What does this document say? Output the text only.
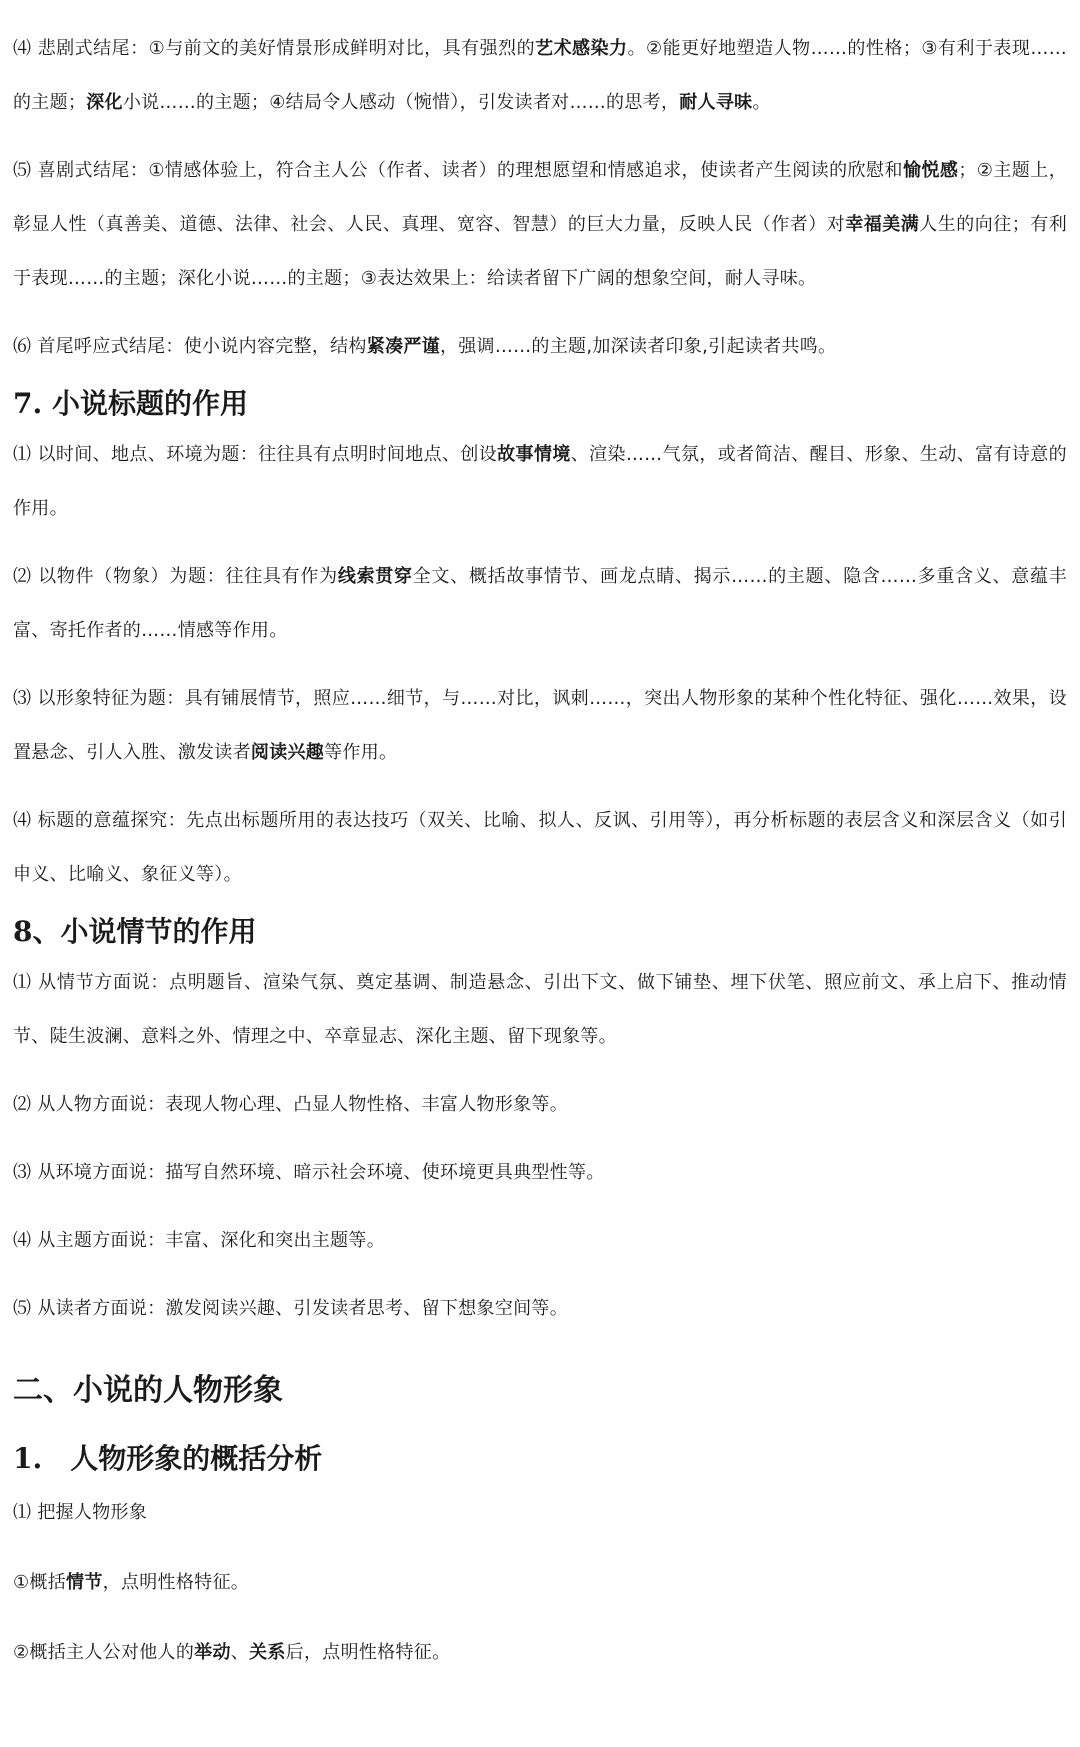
⑷ 悲剧式结尾：①与前文的美好情景形成鲜明对比，具有强烈的艺术感染力。②能更好地塑造人物……的性格；③有利于表现……的主题；深化小说……的主题；④结局令人感动（惋惜），引发读者对……的思考，耐人寻味。

⑸ 喜剧式结尾：①情感体验上，符合主人公（作者、读者）的理想愿望和情感追求，使读者产生阅读的欣慰和愉悦感；②主题上，彰显人性（真善美、道德、法律、社会、人民、真理、宽容、智慧）的巨大力量，反映人民（作者）对幸福美满人生的向往；有利于表现……的主题；深化小说……的主题；③表达效果上：给读者留下广阔的想象空间，耐人寻味。

⑹ 首尾呼应式结尾：使小说内容完整，结构紧凑严谨，强调……的主题,加深读者印象,引起读者共鸣。

7. 小说标题的作用

⑴ 以时间、地点、环境为题：往往具有点明时间地点、创设故事情境、渲染……气氛，或者简洁、醒目、形象、生动、富有诗意的作用。

⑵ 以物件（物象）为题：往往具有作为线索贯穿全文、概括故事情节、画龙点睛、揭示……的主题、隐含……多重含义、意蕴丰富、寄托作者的……情感等作用。

⑶ 以形象特征为题：具有铺展情节，照应……细节，与……对比，讽刺……，突出人物形象的某种个性化特征、强化……效果，设置悬念、引人入胜、激发读者阅读兴趣等作用。

⑷ 标题的意蕴探究：先点出标题所用的表达技巧（双关、比喻、拟人、反讽、引用等），再分析标题的表层含义和深层含义（如引申义、比喻义、象征义等）。

8、小说情节的作用

⑴ 从情节方面说：点明题旨、渲染气氛、奠定基调、制造悬念、引出下文、做下铺垫、埋下伏笔、照应前文、承上启下、推动情节、陡生波澜、意料之外、情理之中、卒章显志、深化主题、留下现象等。

⑵ 从人物方面说：表现人物心理、凸显人物性格、丰富人物形象等。

⑶ 从环境方面说：描写自然环境、暗示社会环境、使环境更具典型性等。

⑷ 从主题方面说：丰富、深化和突出主题等。

⑸ 从读者方面说：激发阅读兴趣、引发读者思考、留下想象空间等。

二、小说的人物形象
1.　人物形象的概括分析

⑴ 把握人物形象

①概括情节，点明性格特征。

②概括主人公对他人的举动、关系后，点明性格特征。
